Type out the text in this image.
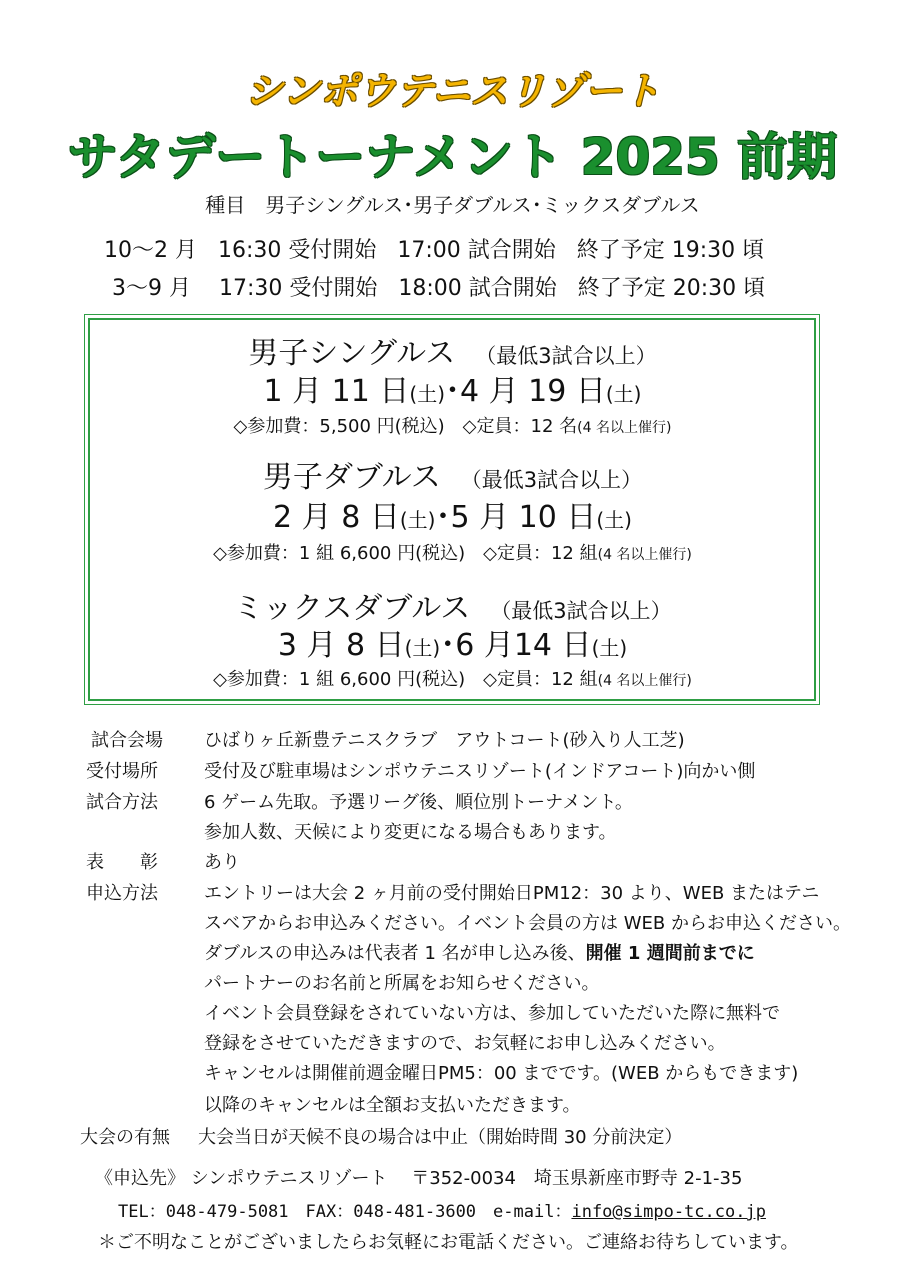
シンポウテニスリゾート
サタデートーナメント 2025 前期
種目　男子シングルス･男子ダブルス･ミックスダブルス
10～2 月 16:30 受付開始 17:00 試合開始 終了予定 19:30 頃
3～9 月 17:30 受付開始 18:00 試合開始 終了予定 20:30 頃
男子シングルス （最低3試合以上）
1 月 11 日(土)･4 月 19 日(土)
◇参加費：5,500 円(税込)　◇定員：12 名(4 名以上催行)
男子ダブルス （最低3試合以上）
2 月 8 日(土)･5 月 10 日(土)
◇参加費：1 組 6,600 円(税込)　◇定員：12 組(4 名以上催行)
ミックスダブルス （最低3試合以上）
3 月 8 日(土)･6 月14 日(土)
◇参加費：1 組 6,600 円(税込)　◇定員：12 組(4 名以上催行)
試合会場 ひばりヶ丘新豊テニスクラブ　アウトコート(砂入り人工芝)
受付場所	受付及び駐車場はシンポウテニスリゾート(インドアコート)向かい側
試合方法	6 ゲーム先取。予選リーグ後、順位別トーナメント。
参加人数、天候により変更になる場合もあります。
表　　彰	あり
申込方法	エントリーは大会 2 ヶ月前の受付開始日PM12：30 より、WEB またはテニ
スベアからお申込みください。イベント会員の方は WEB からお申込ください。
ダブルスの申込みは代表者 1 名が申し込み後、開催 1 週間前までに
パートナーのお名前と所属をお知らせください。
イベント会員登録をされていない方は、参加していただいた際に無料で
登録をさせていただきますので、お気軽にお申し込みください。
キャンセルは開催前週金曜日PM5：00 までです。(WEB からもできます)
以降のキャンセルは全額お支払いただきます。
大会の有無 大会当日が天候不良の場合は中止（開始時間 30 分前決定）
《申込先》 シンポウテニスリゾート　 〒352-0034　埼玉県新座市野寺 2-1-35
TEL：048-479-5081　FAX：048-481-3600　e-mail：info@simpo-tc.co.jp
＊ご不明なことがございましたらお気軽にお電話ください。ご連絡お待ちしています。
